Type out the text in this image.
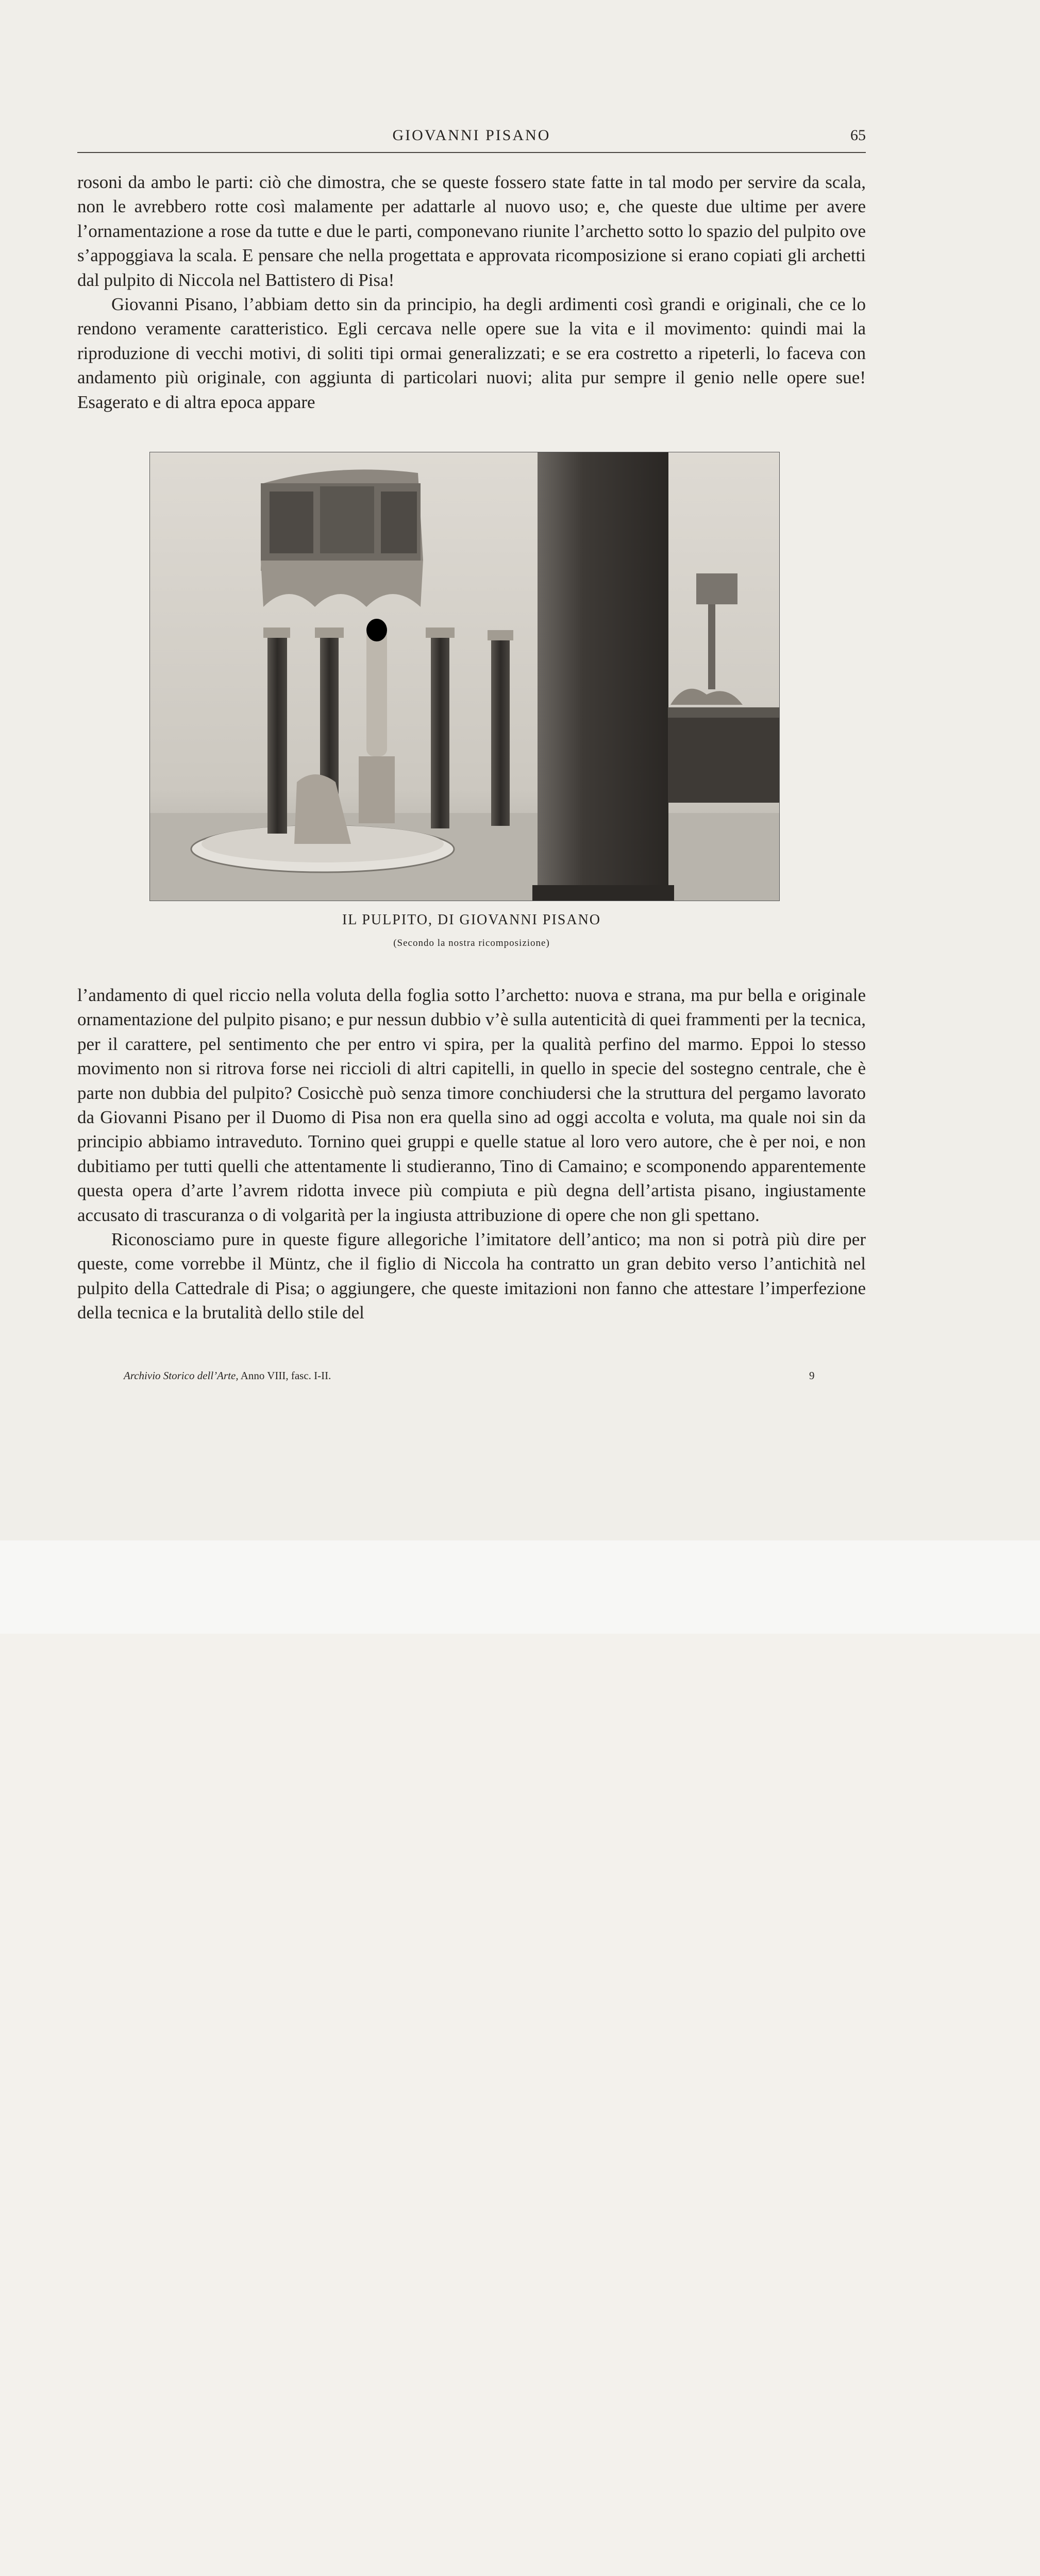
GIOVANNI PISANO	65

rosoni da ambo le parti: ciò che dimostra, che se queste fossero state fatte in tal modo per servire da scala, non le avrebbero rotte così malamente per adattarle al nuovo uso; e, che queste due ultime per avere l’ornamentazione a rose da tutte e due le parti, componevano riunite l’archetto sotto lo spazio del pulpito ove s’appoggiava la scala. E pensare che nella progettata e approvata ricomposizione si erano copiati gli archetti dal pulpito di Niccola nel Battistero di Pisa!

Giovanni Pisano, l’abbiam detto sin da principio, ha degli ardimenti così grandi e originali, che ce lo rendono veramente caratteristico. Egli cercava nelle opere sue la vita e il movimento: quindi mai la riproduzione di vecchi motivi, di soliti tipi ormai generalizzati; e se era costretto a ripeterli, lo faceva con andamento più originale, con aggiunta di particolari nuovi; alita pur sempre il genio nelle opere sue! Esagerato e di altra epoca appare

IL PULPITO, DI GIOVANNI PISANO
(Secondo la nostra ricomposizione)

l’andamento di quel riccio nella voluta della foglia sotto l’archetto: nuova e strana, ma pur bella e originale ornamentazione del pulpito pisano; e pur nessun dubbio v’è sulla autenticità di quei frammenti per la tecnica, per il carattere, pel sentimento che per entro vi spira, per la qualità perfino del marmo. Eppoi lo stesso movimento non si ritrova forse nei riccioli di altri capitelli, in quello in specie del sostegno centrale, che è parte non dubbia del pulpito? Cosicchè può senza timore conchiudersi che la struttura del pergamo lavorato da Giovanni Pisano per il Duomo di Pisa non era quella sino ad oggi accolta e voluta, ma quale noi sin da principio abbiamo intraveduto. Tornino quei gruppi e quelle statue al loro vero autore, che è per noi, e non dubitiamo per tutti quelli che attentamente li studieranno, Tino di Camaino; e scomponendo apparentemente questa opera d’arte l’avrem ridotta invece più compiuta e più degna dell’artista pisano, ingiustamente accusato di trascuranza o di volgarità per la ingiusta attribuzione di opere che non gli spettano.

Riconosciamo pure in queste figure allegoriche l’imitatore dell’antico; ma non si potrà più dire per queste, come vorrebbe il Müntz, che il figlio di Niccola ha contratto un gran debito verso l’antichità nel pulpito della Cattedrale di Pisa; o aggiungere, che queste imitazioni non fanno che attestare l’imperfezione della tecnica e la brutalità dello stile del

Archivio Storico dell’Arte, Anno VIII, fasc. I-II.	9
